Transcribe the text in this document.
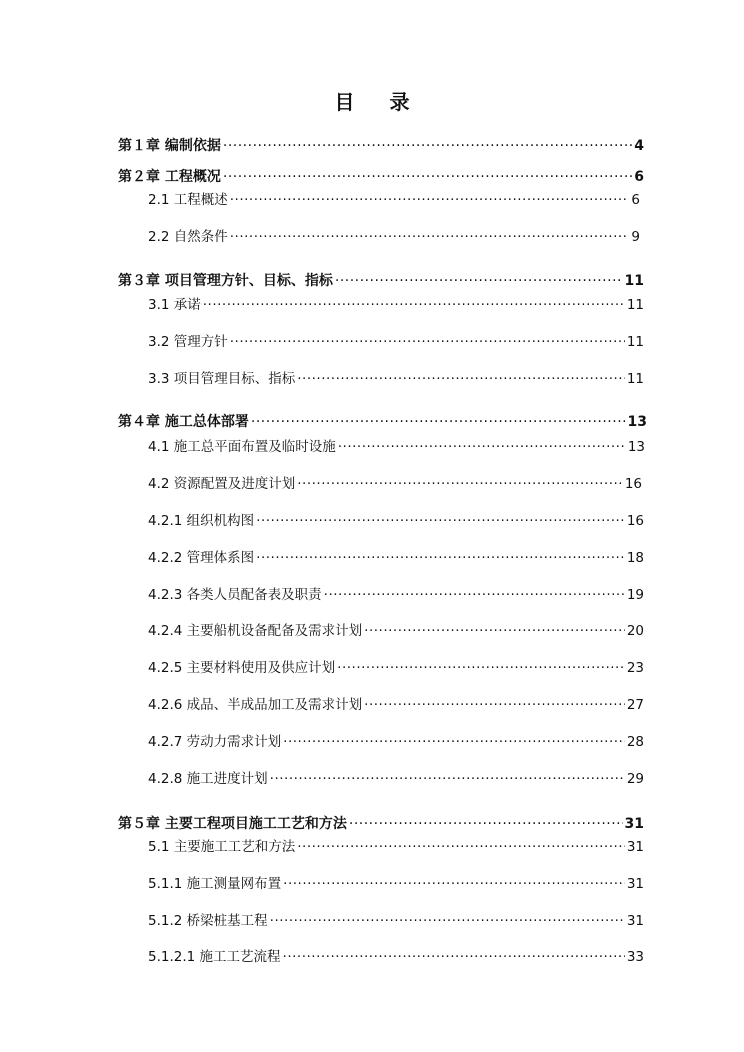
目 录
第１章 编制依据 ·····	4
第２章 工程概况 ·····	6
2.1 工程概述 ·····	6
2.2 自然条件 ·····	9
第３章 项目管理方针、目标、指标 ·····	11
3.1 承诺 ·····	11
3.2 管理方针 ·····	11
3.3 项目管理目标、指标 ·····	11
第４章 施工总体部署 ·····	13
4.1 施工总平面布置及临时设施 ·····	13
4.2 资源配置及进度计划 ·····	16
4.2.1 组织机构图 ·····	16
4.2.2 管理体系图 ·····	18
4.2.3 各类人员配备表及职责 ·····	19
4.2.4 主要船机设备配备及需求计划 ·····	20
4.2.5 主要材料使用及供应计划 ·····	23
4.2.6 成品、半成品加工及需求计划 ·····	27
4.2.7 劳动力需求计划 ·····	28
4.2.8 施工进度计划 ·····	29
第５章 主要工程项目施工工艺和方法 ·····	31
5.1 主要施工工艺和方法 ·····	31
5.1.1 施工测量网布置 ·····	31
5.1.2 桥梁桩基工程 ·····	31
5.1.2.1 施工工艺流程 ·····	33
